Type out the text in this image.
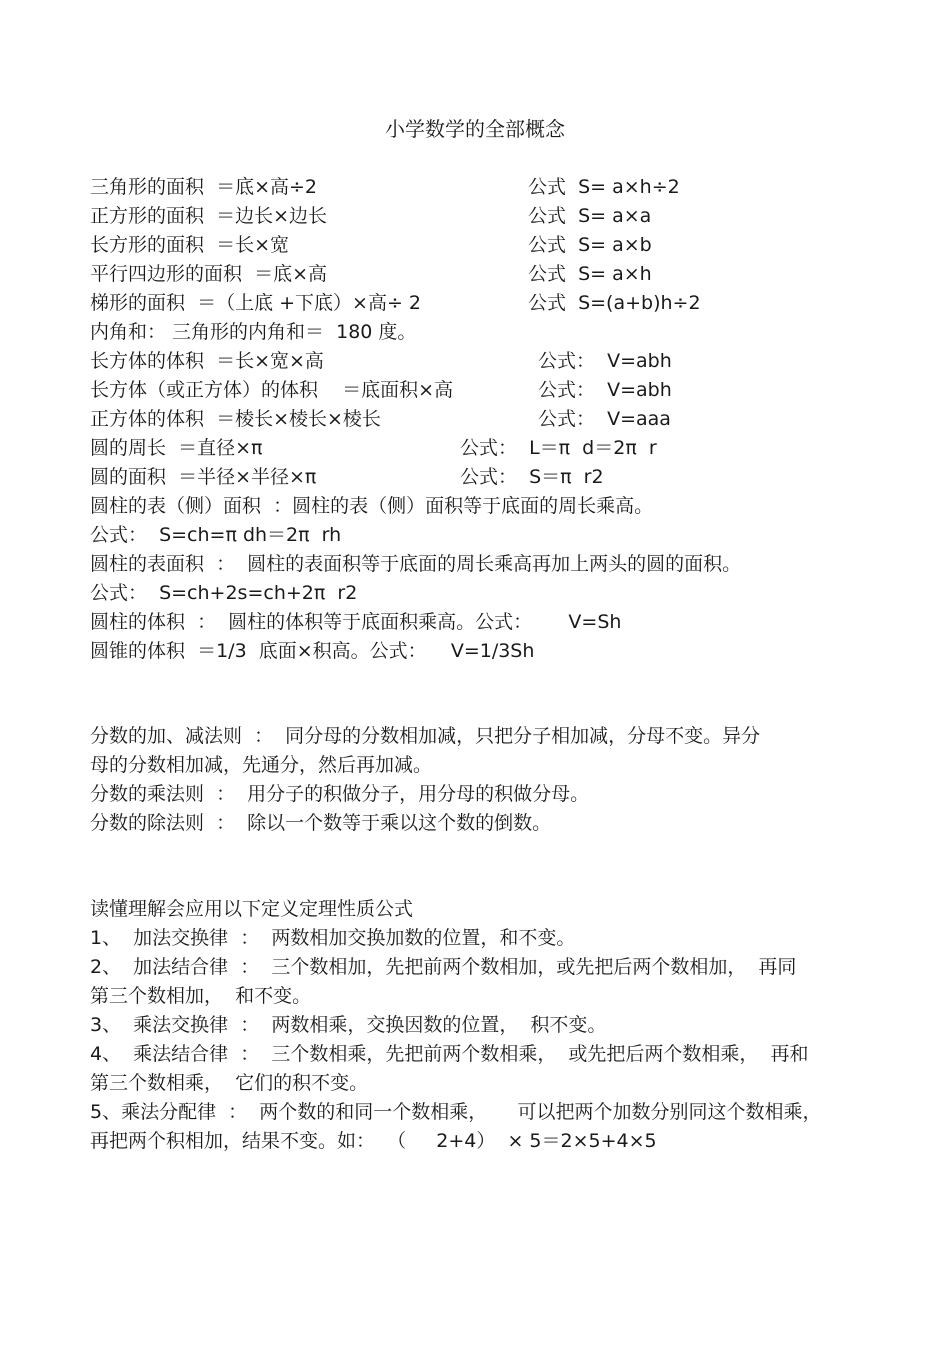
小学数学的全部概念
三角形的面积  ＝底×高÷2	公式  S= a×h÷2
正方形的面积  ＝边长×边长	公式  S= a×a
长方形的面积  ＝长×宽	公式  S= a×b
平行四边形的面积  ＝底×高	公式  S= a×h
梯形的面积  ＝（上底 +下底）×高÷ 2	公式  S=(a+b)h÷2
内角和： 三角形的内角和＝  180 度。
长方体的体积  ＝长×宽×高	公式：  V=abh
长方体（或正方体）的体积    ＝底面积×高	公式：  V=abh
正方体的体积  ＝棱长×棱长×棱长	公式：  V=aaa
圆的周长  ＝直径×π	公式：  L＝π  d＝2π  r
圆的面积  ＝半径×半径×π	公式：  S＝π  r2
圆柱的表（侧）面积  ：圆柱的表（侧）面积等于底面的周长乘高。
公式：  S=ch=π dh＝2π  rh
圆柱的表面积  ：  圆柱的表面积等于底面的周长乘高再加上两头的圆的面积。
公式：  S=ch+2s=ch+2π  r2
圆柱的体积  ：  圆柱的体积等于底面积乘高。公式：      V=Sh
圆锥的体积  ＝1/3  底面×积高。公式：    V=1/3Sh
分数的加、减法则  ：  同分母的分数相加减，只把分子相加减，分母不变。异分
母的分数相加减，先通分，然后再加减。
分数的乘法则  ：  用分子的积做分子，用分母的积做分母。
分数的除法则  ：  除以一个数等于乘以这个数的倒数。
读懂理解会应用以下定义定理性质公式
1、  加法交换律  ：  两数相加交换加数的位置，和不变。
2、  加法结合律  ：  三个数相加，先把前两个数相加，或先把后两个数相加，  再同
第三个数相加，  和不变。
3、  乘法交换律  ：  两数相乘，交换因数的位置，  积不变。
4、  乘法结合律  ：  三个数相乘，先把前两个数相乘，  或先把后两个数相乘，  再和
第三个数相乘，  它们的积不变。
5、乘法分配律  ：  两个数的和同一个数相乘，     可以把两个加数分别同这个数相乘，
再把两个积相加，结果不变。如：  （     2+4）  × 5＝2×5+4×5
